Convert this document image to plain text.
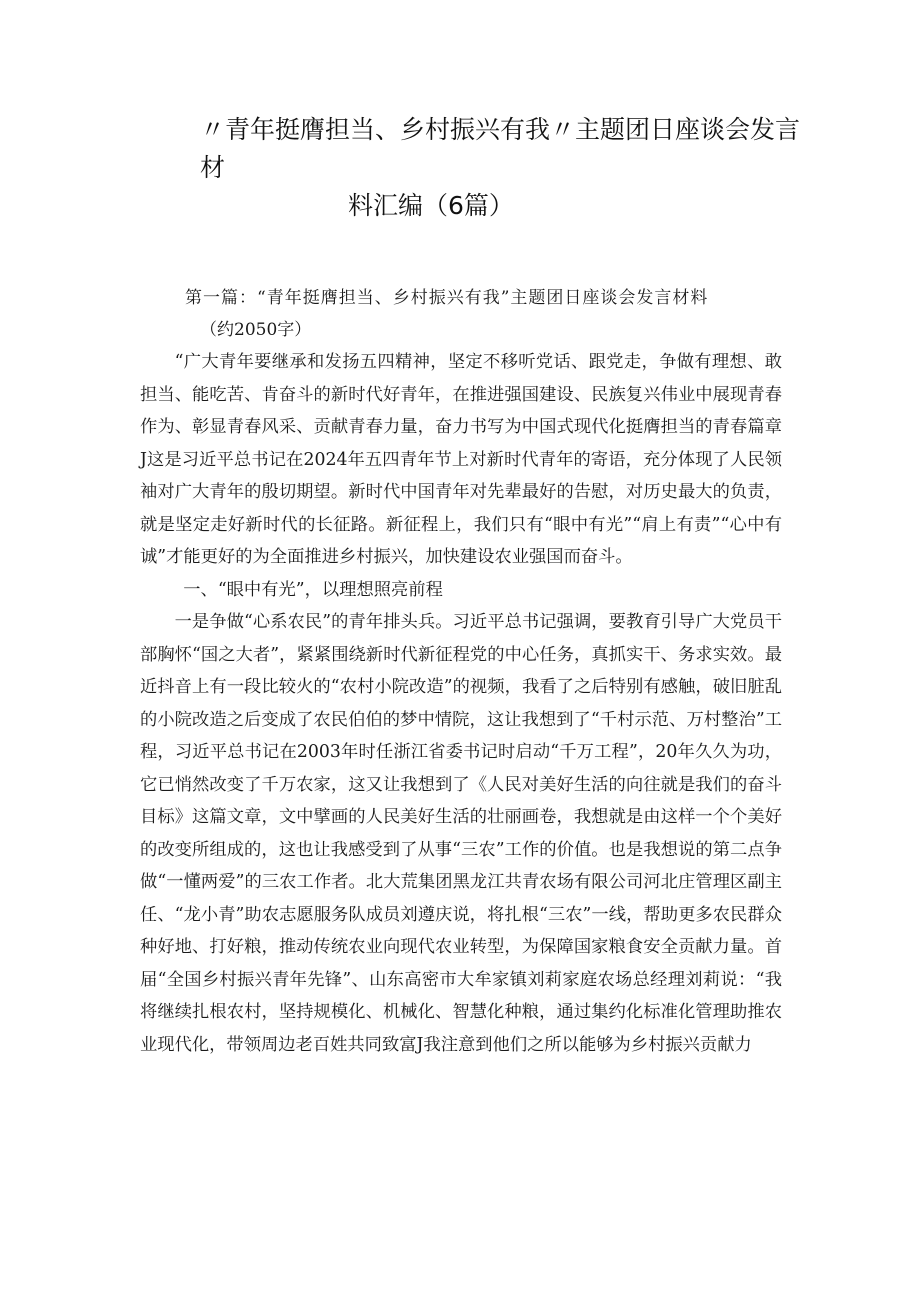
〃青年挺膺担当、乡村振兴有我〃主题团日座谈会发言材
料汇编（6篇）
第一篇：“青年挺膺担当、乡村振兴有我”主题团日座谈会发言材料
（约2050字）

“广大青年要继承和发扬五四精神，坚定不移听党话、跟党走，争做有理想、敢担当、能吃苦、肯奋斗的新时代好青年，在推进强国建设、民族复兴伟业中展现青春作为、彰显青春风采、贡献青春力量，奋力书写为中国式现代化挺膺担当的青春篇章J这是习近平总书记在2024年五四青年节上对新时代青年的寄语，充分体现了人民领袖对广大青年的殷切期望。新时代中国青年对先辈最好的告慰，对历史最大的负责，就是坚定走好新时代的长征路。新征程上，我们只有“眼中有光”“肩上有责”“心中有诚”才能更好的为全面推进乡村振兴，加快建设农业强国而奋斗。

一、“眼中有光”，以理想照亮前程

一是争做“心系农民”的青年排头兵。习近平总书记强调，要教育引导广大党员干部胸怀“国之大者”，紧紧围绕新时代新征程党的中心任务，真抓实干、务求实效。最近抖音上有一段比较火的“农村小院改造”的视频，我看了之后特别有感触，破旧脏乱的小院改造之后变成了农民伯伯的梦中情院，这让我想到了“千村示范、万村整治”工程，习近平总书记在2003年时任浙江省委书记时启动“千万工程”，20年久久为功，它已悄然改变了千万农家，这又让我想到了《人民对美好生活的向往就是我们的奋斗目标》这篇文章，文中擘画的人民美好生活的壮丽画卷，我想就是由这样一个个美好的改变所组成的，这也让我感受到了从事“三农”工作的价值。也是我想说的第二点争做“一懂两爱”的三农工作者。北大荒集团黑龙江共青农场有限公司河北庄管理区副主任、“龙小青”助农志愿服务队成员刘遵庆说，将扎根“三农”一线，帮助更多农民群众种好地、打好粮，推动传统农业向现代农业转型，为保障国家粮食安全贡献力量。首届“全国乡村振兴青年先锋”、山东高密市大牟家镇刘莉家庭农场总经理刘莉说：“我将继续扎根农村，坚持规模化、机械化、智慧化种粮，通过集约化标准化管理助推农业现代化，带领周边老百姓共同致富J我注意到他们之所以能够为乡村振兴贡献力
